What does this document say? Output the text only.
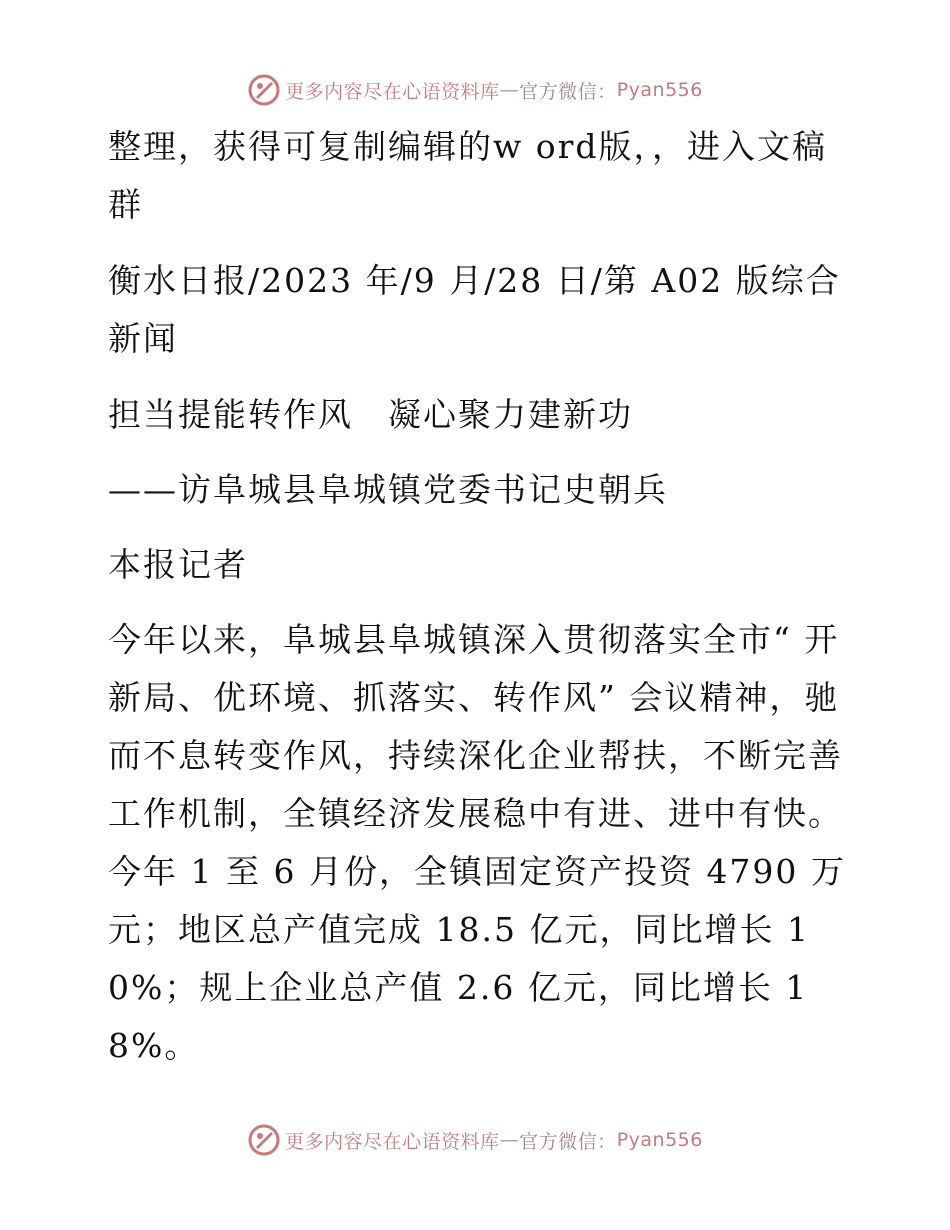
更多内容尽在心语资料库 — 官方微信： Pyan556

整理，获得可复制编辑的w ord版，，进入文稿群

衡水日报/2023 年/9 月/28 日/第 A02 版综合新闻

担当提能转作风　凝心聚力建新功

——访阜城县阜城镇党委书记史朝兵

本报记者

今年以来，阜城县阜城镇深入贯彻落实全市“ 开新局、优环境、抓落实、转作风” 会议精神，驰而不息转变作风，持续深化企业帮扶，不断完善工作机制，全镇经济发展稳中有进、进中有快。今年 1 至 6 月份，全镇固定资产投资 4790 万元；地区总产值完成 18.5 亿元，同比增长 10%；规上企业总产值 2.6 亿元，同比增长 18%。

更多内容尽在心语资料库 — 官方微信： Pyan556
